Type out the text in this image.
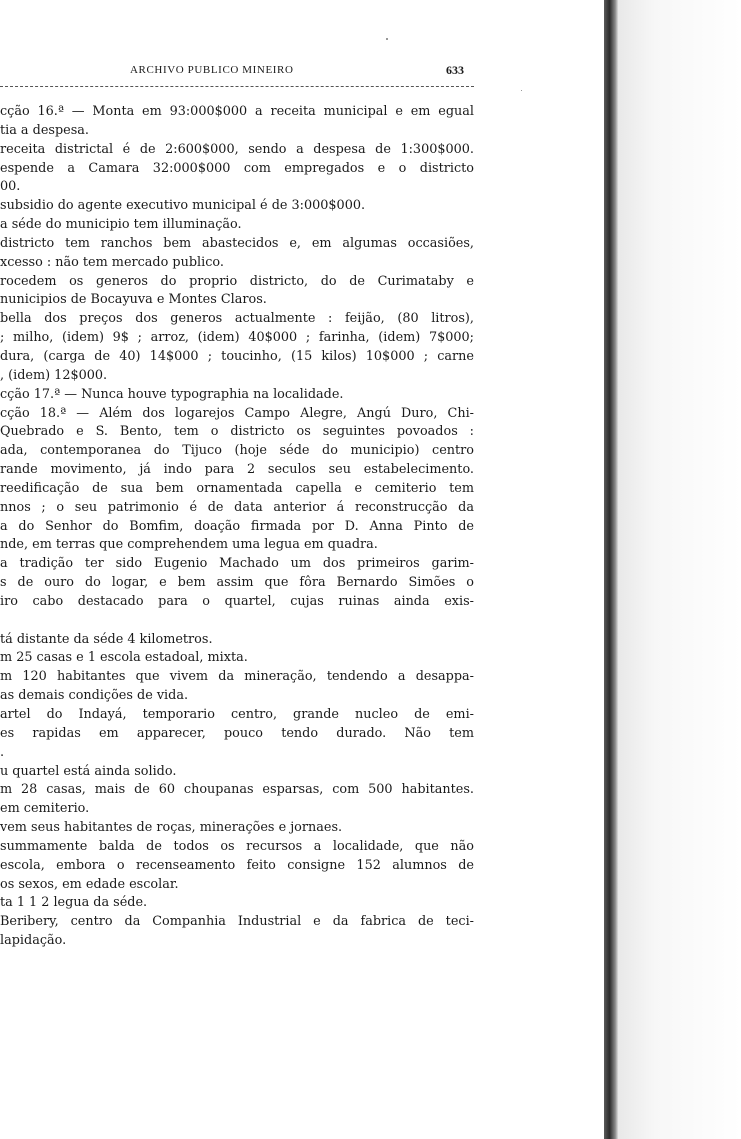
ARCHIVO PUBLICO MINEIRO	633
cção 16.ª — Monta em 93:000$000 a receita municipal e em egual
tia a despesa.
receita districtal é de 2:600$000, sendo a despesa de 1:300$000.
espende a Camara 32:000$000 com empregados e o districto
00.
subsidio do agente executivo municipal é de 3:000$000.
a séde do municipio tem illuminação.
districto tem ranchos bem abastecidos e, em algumas occasiões,
xcesso : não tem mercado publico.
rocedem os generos do proprio districto, do de Curimataby e
nunicipios de Bocayuva e Montes Claros.
bella dos preços dos generos actualmente : feijão, (80 litros),
; milho, (idem) 9$ ; arroz, (idem) 40$000 ; farinha, (idem) 7$000;
dura, (carga de 40) 14$000 ; toucinho, (15 kilos) 10$000 ; carne
, (idem) 12$000.
cção 17.ª — Nunca houve typographia na localidade.
cção 18.ª — Além dos logarejos Campo Alegre, Angú Duro, Chi-
Quebrado e S. Bento, tem o districto os seguintes povoados :
ada, contemporanea do Tijuco (hoje séde do municipio) centro
rande movimento, já indo para 2 seculos seu estabelecimento.
reedificação de sua bem ornamentada capella e cemiterio tem
nnos ; o seu patrimonio é de data anterior á reconstrucção da
a do Senhor do Bomfim, doação firmada por D. Anna Pinto de
nde, em terras que comprehendem uma legua em quadra.
a tradição ter sido Eugenio Machado um dos primeiros garim-
s de ouro do logar, e bem assim que fôra Bernardo Simões o
iro cabo destacado para o quartel, cujas ruinas ainda exis-
tá distante da séde 4 kilometros.
m 25 casas e 1 escola estadoal, mixta.
m 120 habitantes que vivem da mineração, tendendo a desappa-
as demais condições de vida.
artel do Indayá, temporario centro, grande nucleo de emi-
es rapidas em apparecer, pouco tendo durado. Não tem
.
u quartel está ainda solido.
m 28 casas, mais de 60 choupanas esparsas, com 500 habitantes.
em cemiterio.
vem seus habitantes de roças, minerações e jornaes.
summamente balda de todos os recursos a localidade, que não
escola, embora o recenseamento feito consigne 152 alumnos de
os sexos, em edade escolar.
ta 1 1 2 legua da séde.
Beribery, centro da Companhia Industrial e da fabrica de teci-
lapidação.
